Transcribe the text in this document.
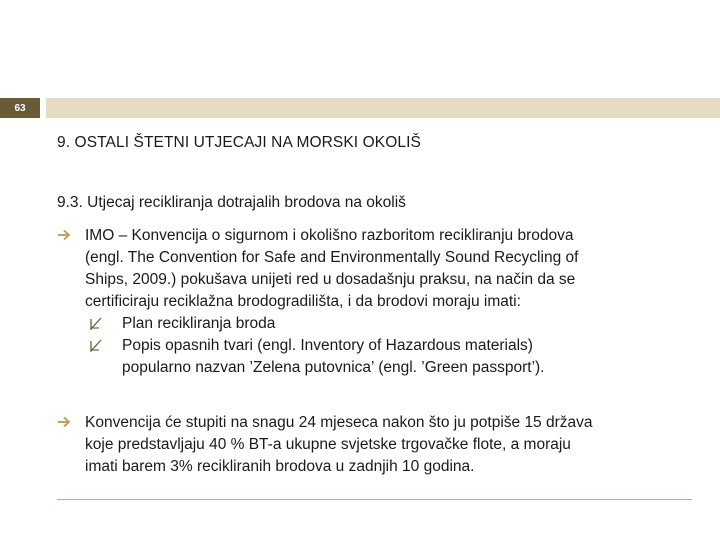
63
9. OSTALI ŠTETNI UTJECAJI NA MORSKI OKOLIŠ
9.3. Utjecaj recikliranja dotrajalih brodova na okoliš
IMO – Konvencija o sigurnom i okolišno razboritom recikliranju brodova
(engl. The Convention for Safe and Environmentally Sound Recycling of
Ships, 2009.) pokušava unijeti red u dosadašnju praksu, na način da se
certificiraju reciklažna brodogradilišta, i da brodovi moraju imati:
Plan recikliranja broda
Popis opasnih tvari (engl. Inventory of Hazardous materials)
popularno nazvan ’Zelena putovnica’ (engl. ’Green passport’).
Konvencija će stupiti na snagu 24 mjeseca nakon što ju potpiše 15 država
koje predstavljaju 40 % BT-a ukupne svjetske trgovačke flote, a moraju
imati barem 3% recikliranih brodova u zadnjih 10 godina.
